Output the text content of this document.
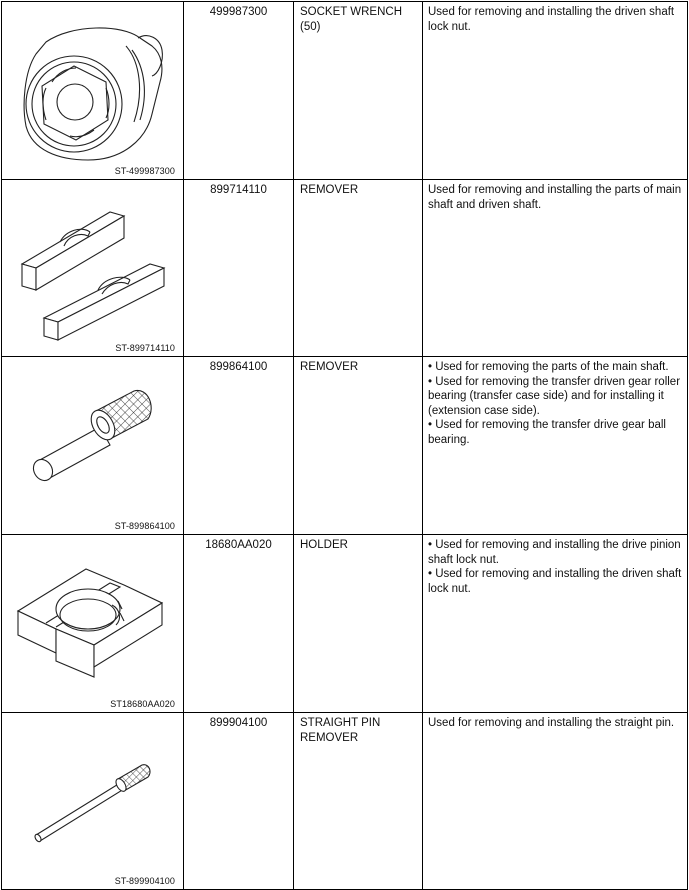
ST-499987300	499987300	SOCKET WRENCH (50)	Used for removing and installing the driven shaft lock nut.

ST-899714110	899714110	REMOVER	Used for removing and installing the parts of main shaft and driven shaft.

ST-899864100	899864100	REMOVER	• Used for removing the parts of the main shaft.
• Used for removing the transfer driven gear roller bearing (transfer case side) and for installing it (extension case side).
• Used for removing the transfer drive gear ball bearing.

ST18680AA020	18680AA020	HOLDER	• Used for removing and installing the drive pinion shaft lock nut.
• Used for removing and installing the driven shaft lock nut.

ST-899904100	899904100	STRAIGHT PIN REMOVER	Used for removing and installing the straight pin.
